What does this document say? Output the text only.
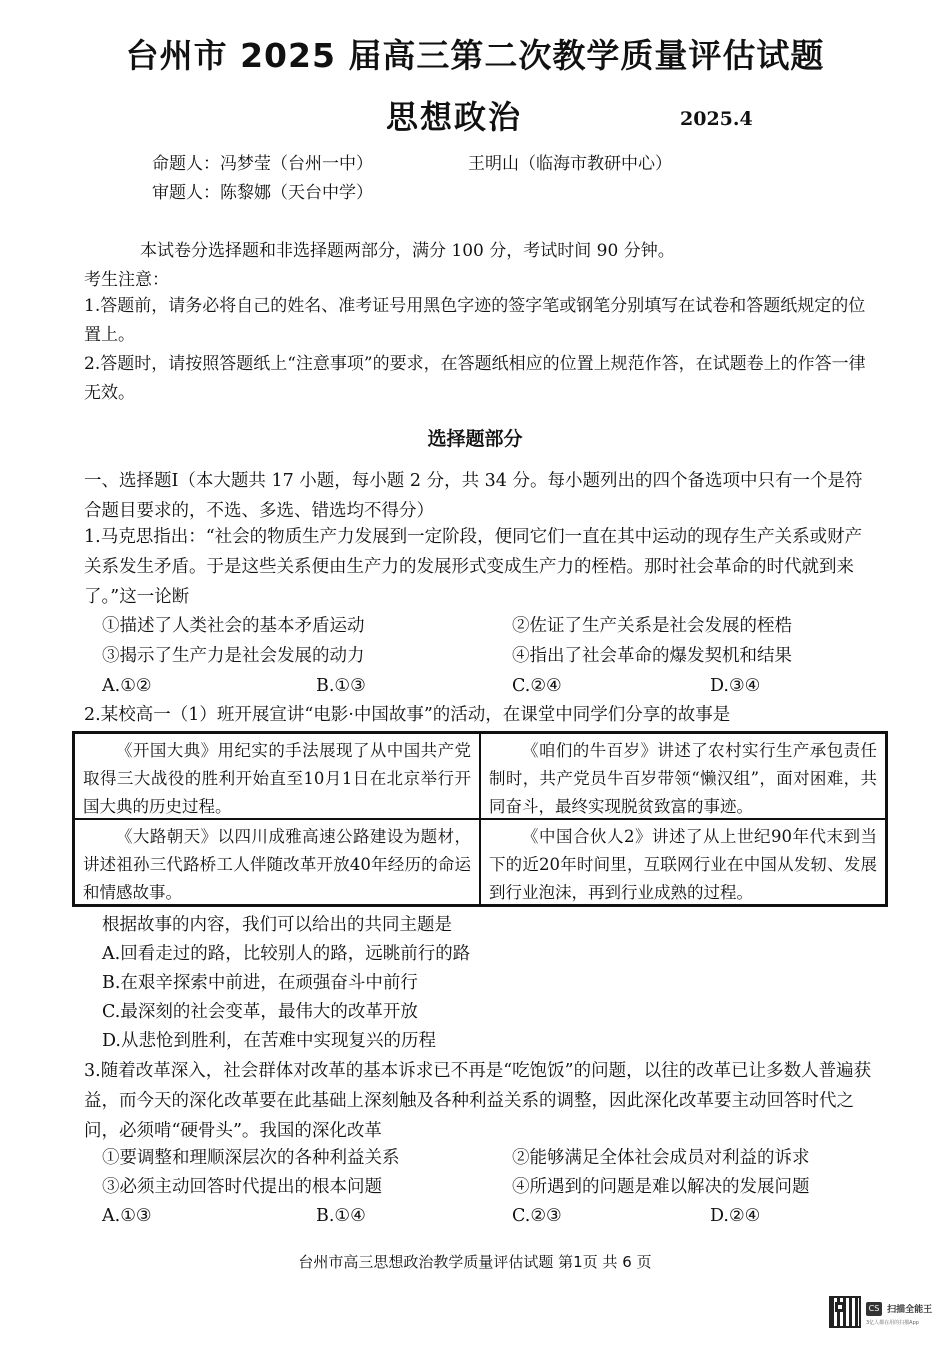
台州市 2025 届高三第二次教学质量评估试题
思想政治	2025.4
命题人：冯梦莹（台州一中）	王明山（临海市教研中心）
审题人：陈黎娜（天台中学）
本试卷分选择题和非选择题两部分，满分 100 分，考试时间 90 分钟。
考生注意：
1.答题前，请务必将自己的姓名、准考证号用黑色字迹的签字笔或钢笔分别填写在试卷和答题纸规定的位置上。
2.答题时，请按照答题纸上“注意事项”的要求，在答题纸相应的位置上规范作答，在试题卷上的作答一律无效。
选择题部分
一、选择题Ⅰ（本大题共 17 小题，每小题 2 分，共 34 分。每小题列出的四个备选项中只有一个是符合题目要求的，不选、多选、错选均不得分）
1.马克思指出：“社会的物质生产力发展到一定阶段，便同它们一直在其中运动的现存生产关系或财产关系发生矛盾。于是这些关系便由生产力的发展形式变成生产力的桎梏。那时社会革命的时代就到来了。”这一论断
①描述了人类社会的基本矛盾运动	②佐证了生产关系是社会发展的桎梏
③揭示了生产力是社会发展的动力	④指出了社会革命的爆发契机和结果
A.①②	B.①③	C.②④	D.③④
2.某校高一（1）班开展宣讲“电影·中国故事”的活动，在课堂中同学们分享的故事是
《开国大典》用纪实的手法展现了从中国共产党取得三大战役的胜利开始直至10月1日在北京举行开国大典的历史过程。
《咱们的牛百岁》讲述了农村实行生产承包责任制时，共产党员牛百岁带领“懒汉组”，面对困难，共同奋斗，最终实现脱贫致富的事迹。
《大路朝天》以四川成雅高速公路建设为题材，讲述祖孙三代路桥工人伴随改革开放40年经历的命运和情感故事。
《中国合伙人2》讲述了从上世纪90年代末到当下的近20年时间里，互联网行业在中国从发轫、发展到行业泡沫，再到行业成熟的过程。
根据故事的内容，我们可以给出的共同主题是
A.回看走过的路，比较别人的路，远眺前行的路
B.在艰辛探索中前进，在顽强奋斗中前行
C.最深刻的社会变革，最伟大的改革开放
D.从悲怆到胜利，在苦难中实现复兴的历程
3.随着改革深入，社会群体对改革的基本诉求已不再是“吃饱饭”的问题，以往的改革已让多数人普遍获益，而今天的深化改革要在此基础上深刻触及各种利益关系的调整，因此深化改革要主动回答时代之问，必须啃“硬骨头”。我国的深化改革
①要调整和理顺深层次的各种利益关系	②能够满足全体社会成员对利益的诉求
③必须主动回答时代提出的根本问题	④所遇到的问题是难以解决的发展问题
A.①③	B.①④	C.②③	D.②④
台州市高三思想政治教学质量评估试题 第1页 共 6 页
CS 扫描全能王
3亿人都在用的扫描App
